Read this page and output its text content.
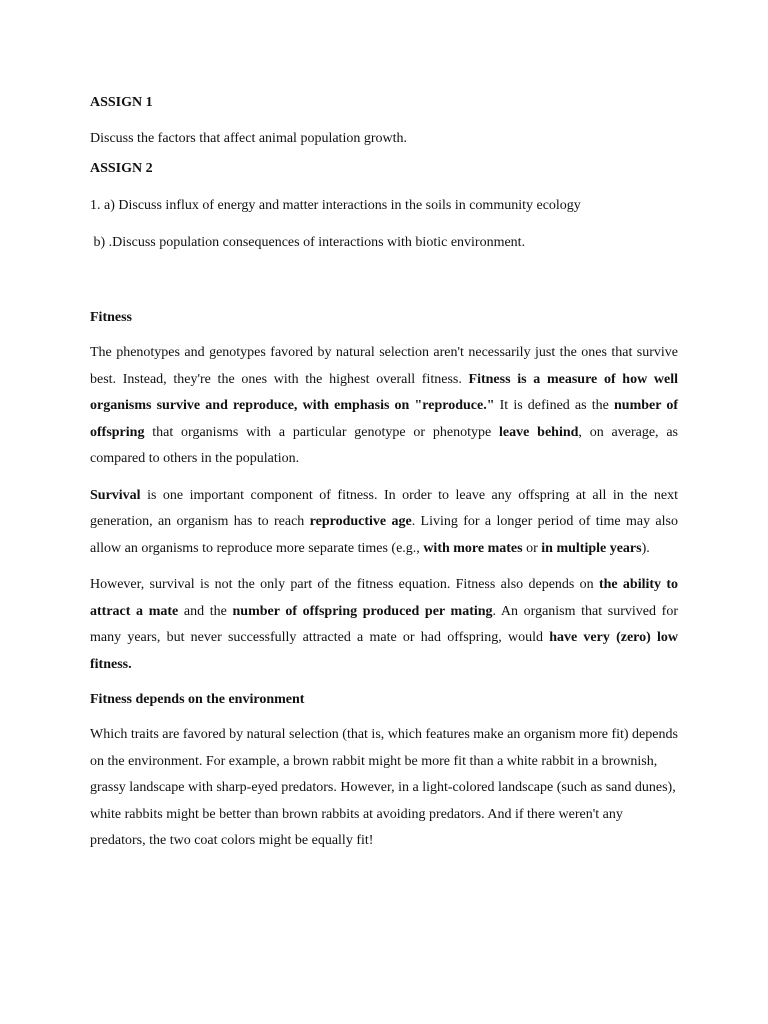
ASSIGN 1

Discuss the factors that affect animal population growth.

ASSIGN 2

1. a) Discuss influx of energy and matter interactions in the soils in community ecology

b) .Discuss population consequences of interactions with biotic environment.

Fitness

The phenotypes and genotypes favored by natural selection aren't necessarily just the ones that survive best. Instead, they're the ones with the highest overall fitness. Fitness is a measure of how well organisms survive and reproduce, with emphasis on "reproduce." It is defined as the number of offspring that organisms with a particular genotype or phenotype leave behind, on average, as compared to others in the population.

Survival is one important component of fitness. In order to leave any offspring at all in the next generation, an organism has to reach reproductive age. Living for a longer period of time may also allow an organisms to reproduce more separate times (e.g., with more mates or in multiple years).

However, survival is not the only part of the fitness equation. Fitness also depends on the ability to attract a mate and the number of offspring produced per mating. An organism that survived for many years, but never successfully attracted a mate or had offspring, would have very (zero) low fitness.

Fitness depends on the environment

Which traits are favored by natural selection (that is, which features make an organism more fit) depends on the environment. For example, a brown rabbit might be more fit than a white rabbit in a brownish, grassy landscape with sharp-eyed predators. However, in a light-colored landscape (such as sand dunes), white rabbits might be better than brown rabbits at avoiding predators. And if there weren't any predators, the two coat colors might be equally fit!
